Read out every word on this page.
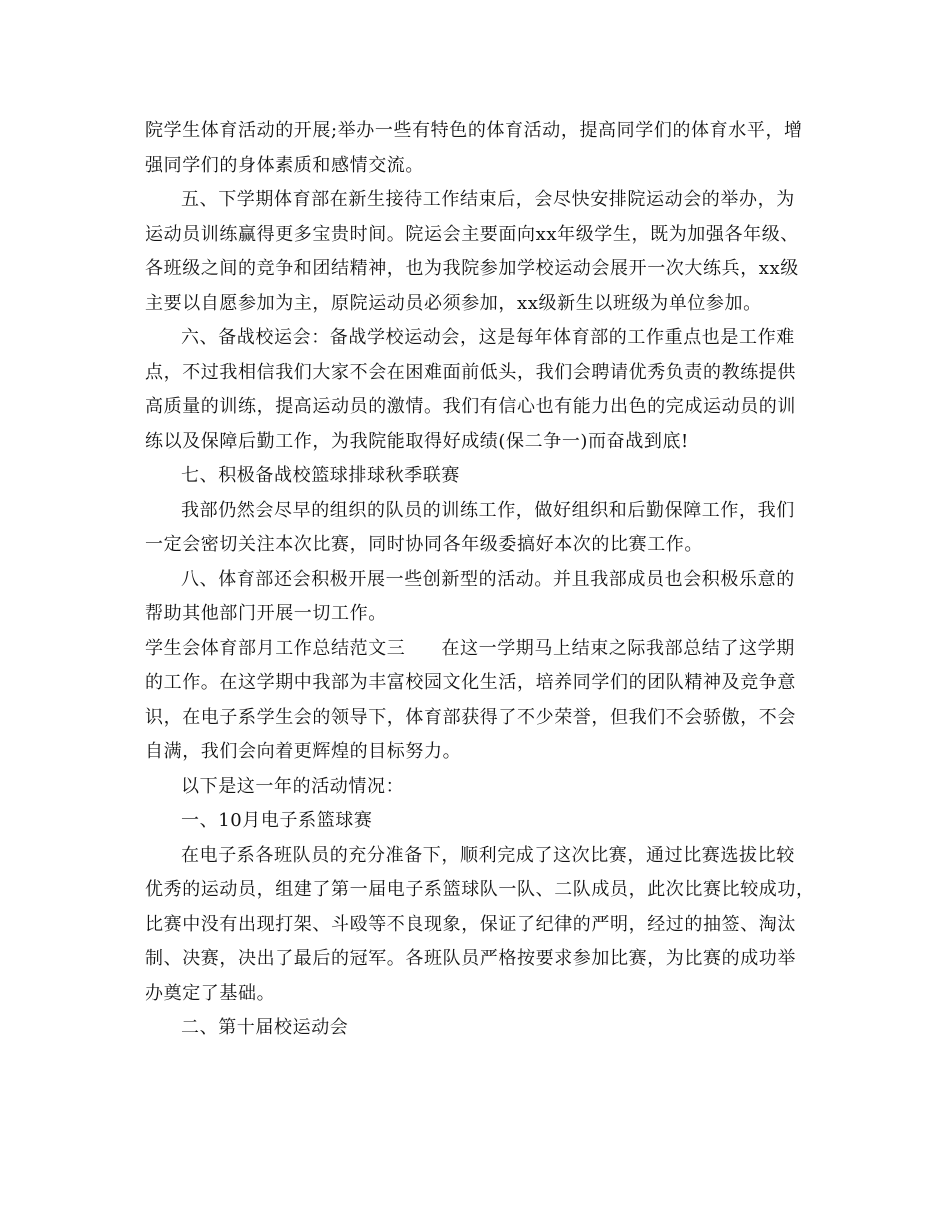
院学生体育活动的开展;举办一些有特色的体育活动，提高同学们的体育水平，增
强同学们的身体素质和感情交流。
五、下学期体育部在新生接待工作结束后，会尽快安排院运动会的举办，为
运动员训练赢得更多宝贵时间。院运会主要面向xx年级学生，既为加强各年级、
各班级之间的竞争和团结精神，也为我院参加学校运动会展开一次大练兵，xx级
主要以自愿参加为主，原院运动员必须参加，xx级新生以班级为单位参加。
六、备战校运会：备战学校运动会，这是每年体育部的工作重点也是工作难
点，不过我相信我们大家不会在困难面前低头，我们会聘请优秀负责的教练提供
高质量的训练，提高运动员的激情。我们有信心也有能力出色的完成运动员的训
练以及保障后勤工作，为我院能取得好成绩(保二争一)而奋战到底!
七、积极备战校篮球排球秋季联赛
我部仍然会尽早的组织的队员的训练工作，做好组织和后勤保障工作，我们
一定会密切关注本次比赛，同时协同各年级委搞好本次的比赛工作。
八、体育部还会积极开展一些创新型的活动。并且我部成员也会积极乐意的
帮助其他部门开展一切工作。
学生会体育部月工作总结范文三 在这一学期马上结束之际我部总结了这学期
的工作。在这学期中我部为丰富校园文化生活，培养同学们的团队精神及竞争意
识，在电子系学生会的领导下，体育部获得了不少荣誉，但我们不会骄傲，不会
自满，我们会向着更辉煌的目标努力。
以下是这一年的活动情况：
一、10月电子系篮球赛
在电子系各班队员的充分准备下，顺利完成了这次比赛，通过比赛选拔比较
优秀的运动员，组建了第一届电子系篮球队一队、二队成员，此次比赛比较成功，
比赛中没有出现打架、斗殴等不良现象，保证了纪律的严明，经过的抽签、淘汰
制、决赛，决出了最后的冠军。各班队员严格按要求参加比赛，为比赛的成功举
办奠定了基础。
二、第十届校运动会
